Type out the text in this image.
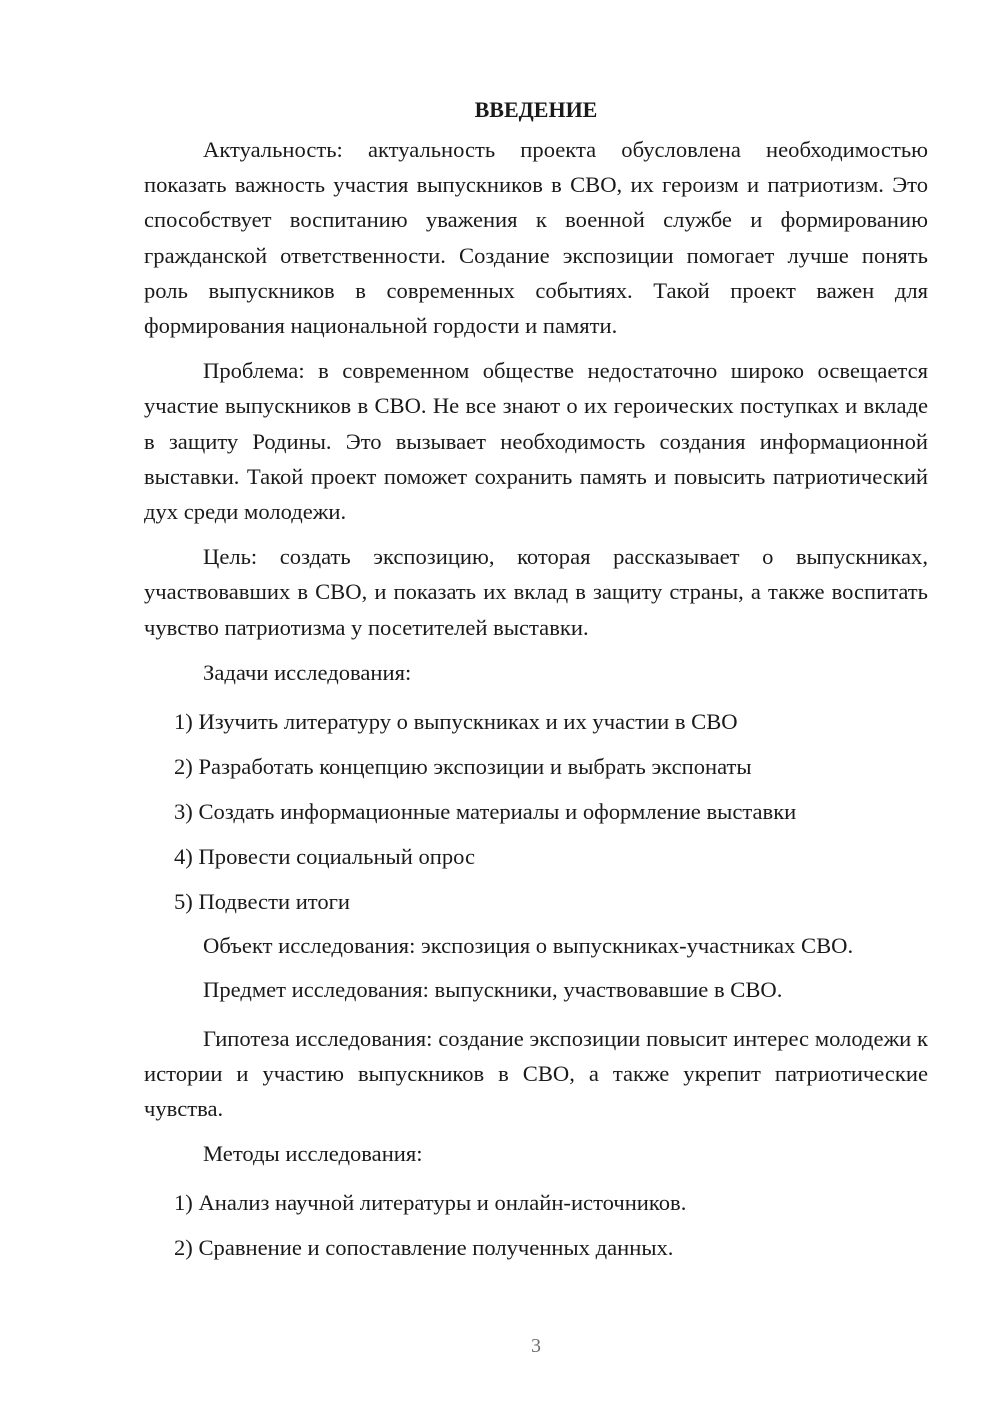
ВВЕДЕНИЕ

Актуальность: актуальность проекта обусловлена необходимостью показать важность участия выпускников в СВО, их героизм и патриотизм. Это способствует воспитанию уважения к военной службе и формированию гражданской ответственности. Создание экспозиции помогает лучше понять роль выпускников в современных событиях. Такой проект важен для формирования национальной гордости и памяти.

Проблема: в современном обществе недостаточно широко освещается участие выпускников в СВО. Не все знают о их героических поступках и вкладе в защиту Родины. Это вызывает необходимость создания информационной выставки. Такой проект поможет сохранить память и повысить патриотический дух среди молодежи.

Цель: создать экспозицию, которая рассказывает о выпускниках, участвовавших в СВО, и показать их вклад в защиту страны, а также воспитать чувство патриотизма у посетителей выставки.

Задачи исследования:

1) Изучить литературу о выпускниках и их участии в СВО

2) Разработать концепцию экспозиции и выбрать экспонаты

3) Создать информационные материалы и оформление выставки

4) Провести социальный опрос

5) Подвести итоги

Объект исследования: экспозиция о выпускниках-участниках СВО.

Предмет исследования: выпускники, участвовавшие в СВО.

Гипотеза исследования: создание экспозиции повысит интерес молодежи к истории и участию выпускников в СВО, а также укрепит патриотические чувства.

Методы исследования:

1) Анализ научной литературы и онлайн-источников.

2) Сравнение и сопоставление полученных данных.

3
